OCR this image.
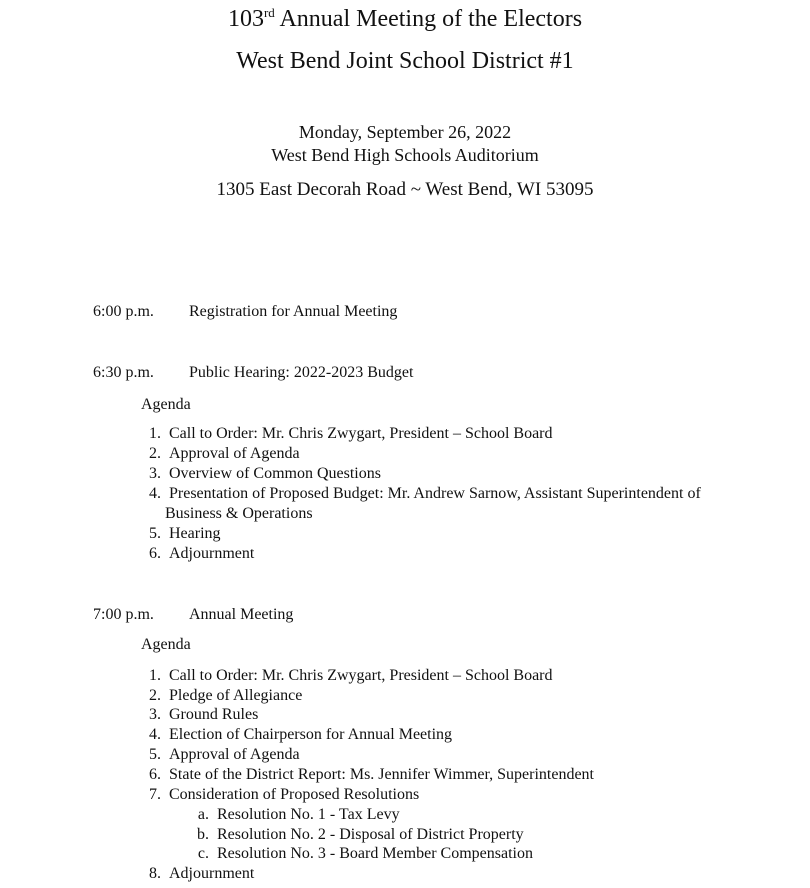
103rd Annual Meeting of the Electors
West Bend Joint School District #1
Monday, September 26, 2022
West Bend High Schools Auditorium
1305 East Decorah Road ~ West Bend, WI 53095
6:00 p.m. Registration for Annual Meeting
6:30 p.m. Public Hearing: 2022-2023 Budget
Agenda
1. Call to Order: Mr. Chris Zwygart, President – School Board
2. Approval of Agenda
3. Overview of Common Questions
4. Presentation of Proposed Budget: Mr. Andrew Sarnow, Assistant Superintendent of
Business & Operations
5. Hearing
6. Adjournment
7:00 p.m. Annual Meeting
Agenda
1. Call to Order: Mr. Chris Zwygart, President – School Board
2. Pledge of Allegiance
3. Ground Rules
4. Election of Chairperson for Annual Meeting
5. Approval of Agenda
6. State of the District Report: Ms. Jennifer Wimmer, Superintendent
7. Consideration of Proposed Resolutions
a. Resolution No. 1 - Tax Levy
b. Resolution No. 2 - Disposal of District Property
c. Resolution No. 3 - Board Member Compensation
8. Adjournment
